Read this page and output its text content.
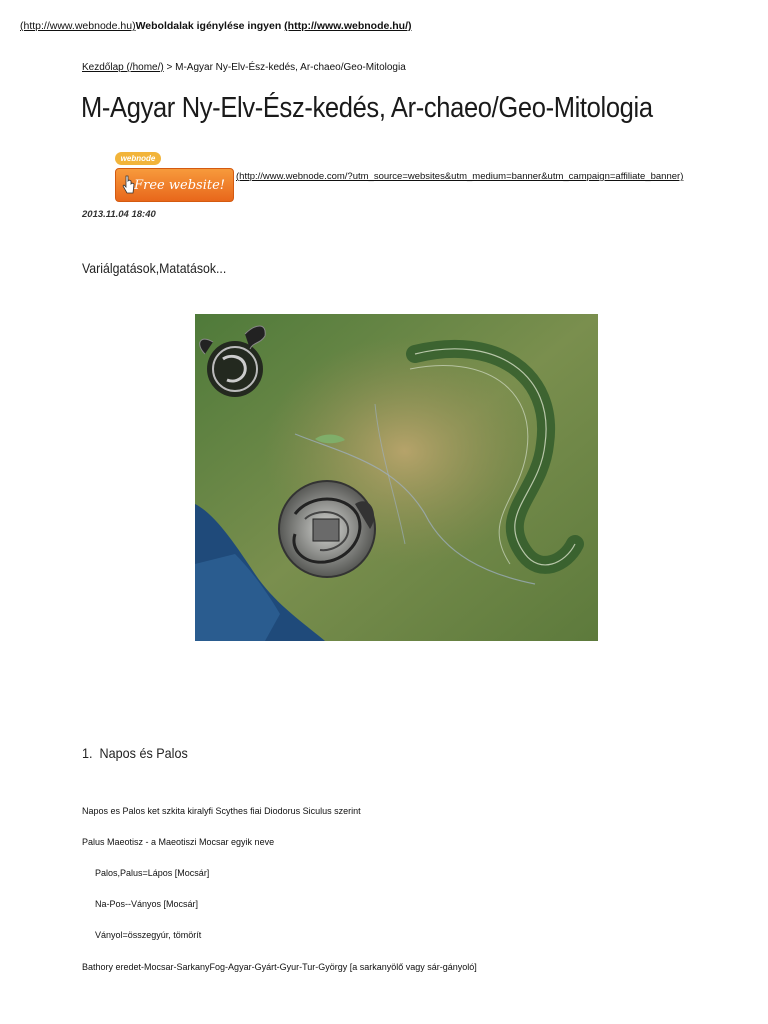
(http://www.webnode.hu)Weboldalak igénylése ingyen (http://www.webnode.hu/)
Kezdőlap (/home/) > M-Agyar Ny-Elv-Ész-kedés, Ar-chaeo/Geo-Mitologia
M-Agyar Ny-Elv-Ész-kedés, Ar-chaeo/Geo-Mitologia
webnode
Free website!
(http://www.webnode.com/?utm_source=websites&utm_medium=banner&utm_campaign=affiliate_banner)
2013.11.04 18:40
Variálgatások,Matatások...
1. Napos és Palos
Napos es Palos ket szkita kiralyfi Scythes fiai Diodorus Siculus szerint
Palus Maeotisz - a Maeotiszi Mocsar egyik neve
Palos,Palus=Lápos [Mocsár]
Na-Pos--Ványos [Mocsár]
Ványol=összegyúr, tömörít
Bathory eredet-Mocsar-SarkanyFog-Agyar-Gyárt-Gyur-Tur-György [a sarkanyölő vagy sár-gányoló]
